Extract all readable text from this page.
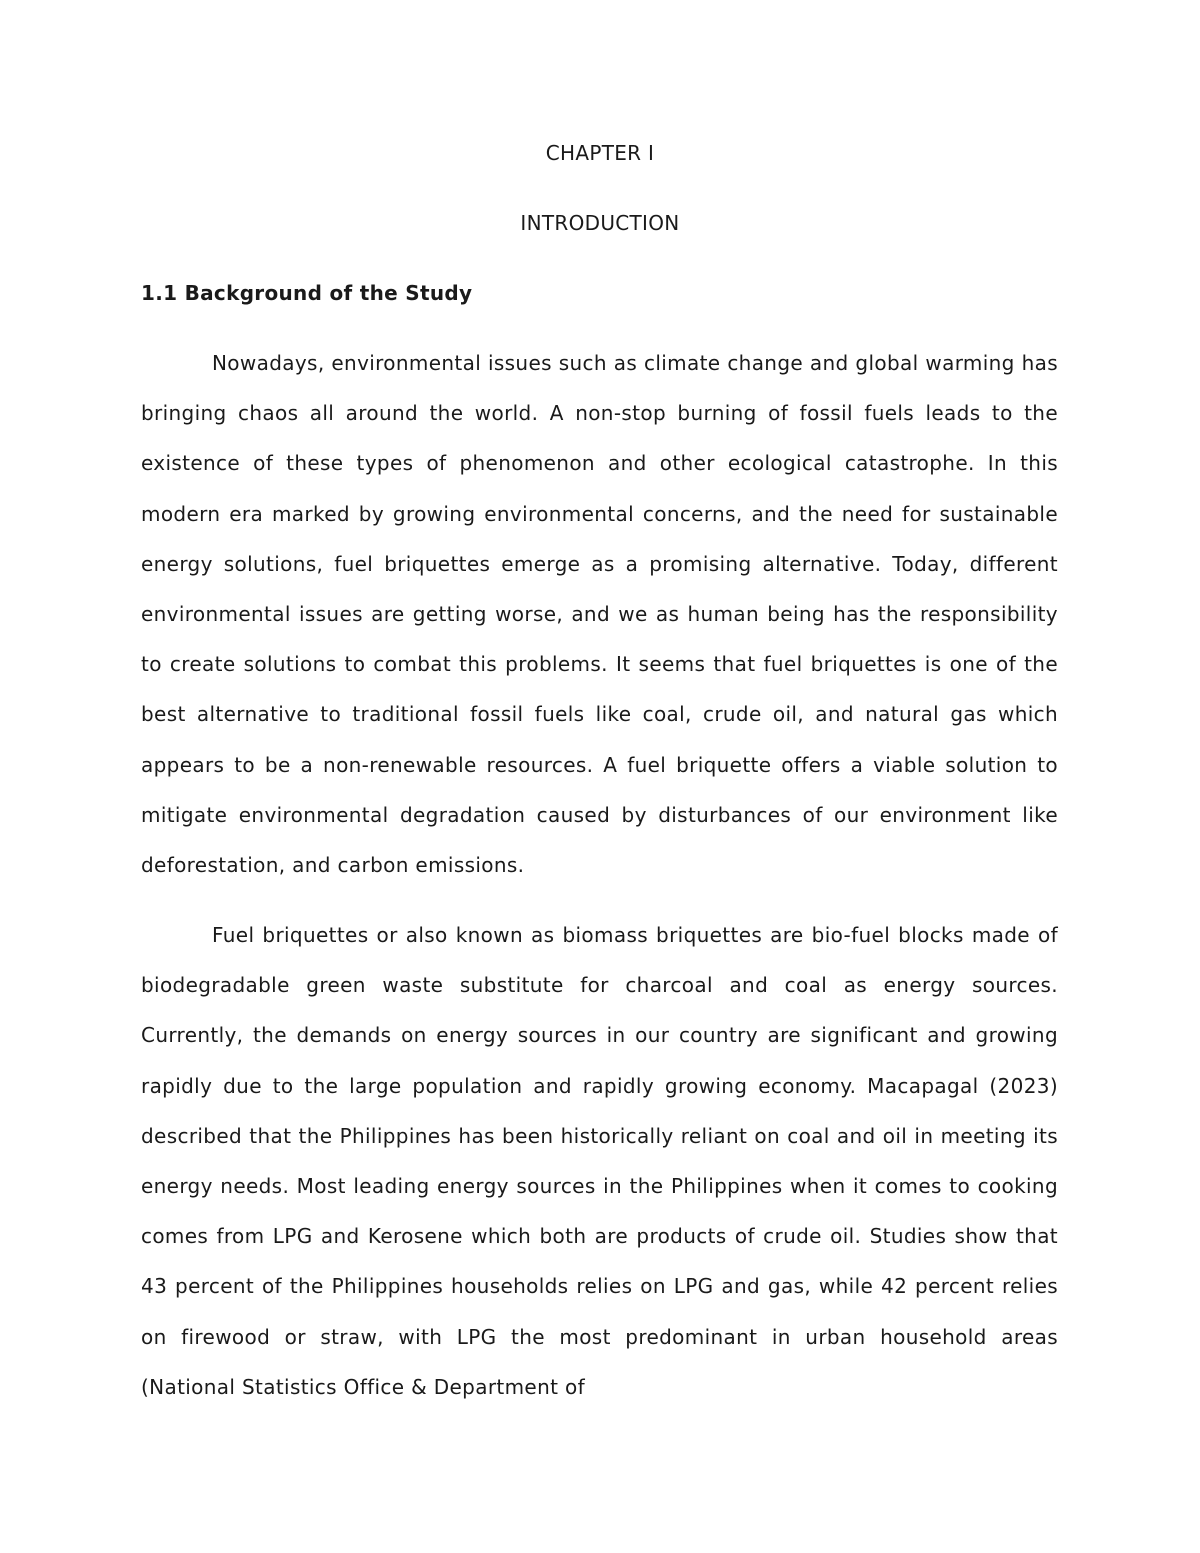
CHAPTER I
INTRODUCTION
1.1 Background of the Study

Nowadays, environmental issues such as climate change and global warming has bringing chaos all around the world. A non-stop burning of fossil fuels leads to the existence of these types of phenomenon and other ecological catastrophe. In this modern era marked by growing environmental concerns, and the need for sustainable energy solutions, fuel briquettes emerge as a promising alternative. Today, different environmental issues are getting worse, and we as human being has the responsibility to create solutions to combat this problems. It seems that fuel briquettes is one of the best alternative to traditional fossil fuels like coal, crude oil, and natural gas which appears to be a non-renewable resources. A fuel briquette offers a viable solution to mitigate environmental degradation caused by disturbances of our environment like deforestation, and carbon emissions.

Fuel briquettes or also known as biomass briquettes are bio-fuel blocks made of biodegradable green waste substitute for charcoal and coal as energy sources. Currently, the demands on energy sources in our country are significant and growing rapidly due to the large population and rapidly growing economy. Macapagal (2023) described that the Philippines has been historically reliant on coal and oil in meeting its energy needs. Most leading energy sources in the Philippines when it comes to cooking comes from LPG and Kerosene which both are products of crude oil. Studies show that 43 percent of the Philippines households relies on LPG and gas, while 42 percent relies on firewood or straw, with LPG the most predominant in urban household areas (National Statistics Office & Department of
